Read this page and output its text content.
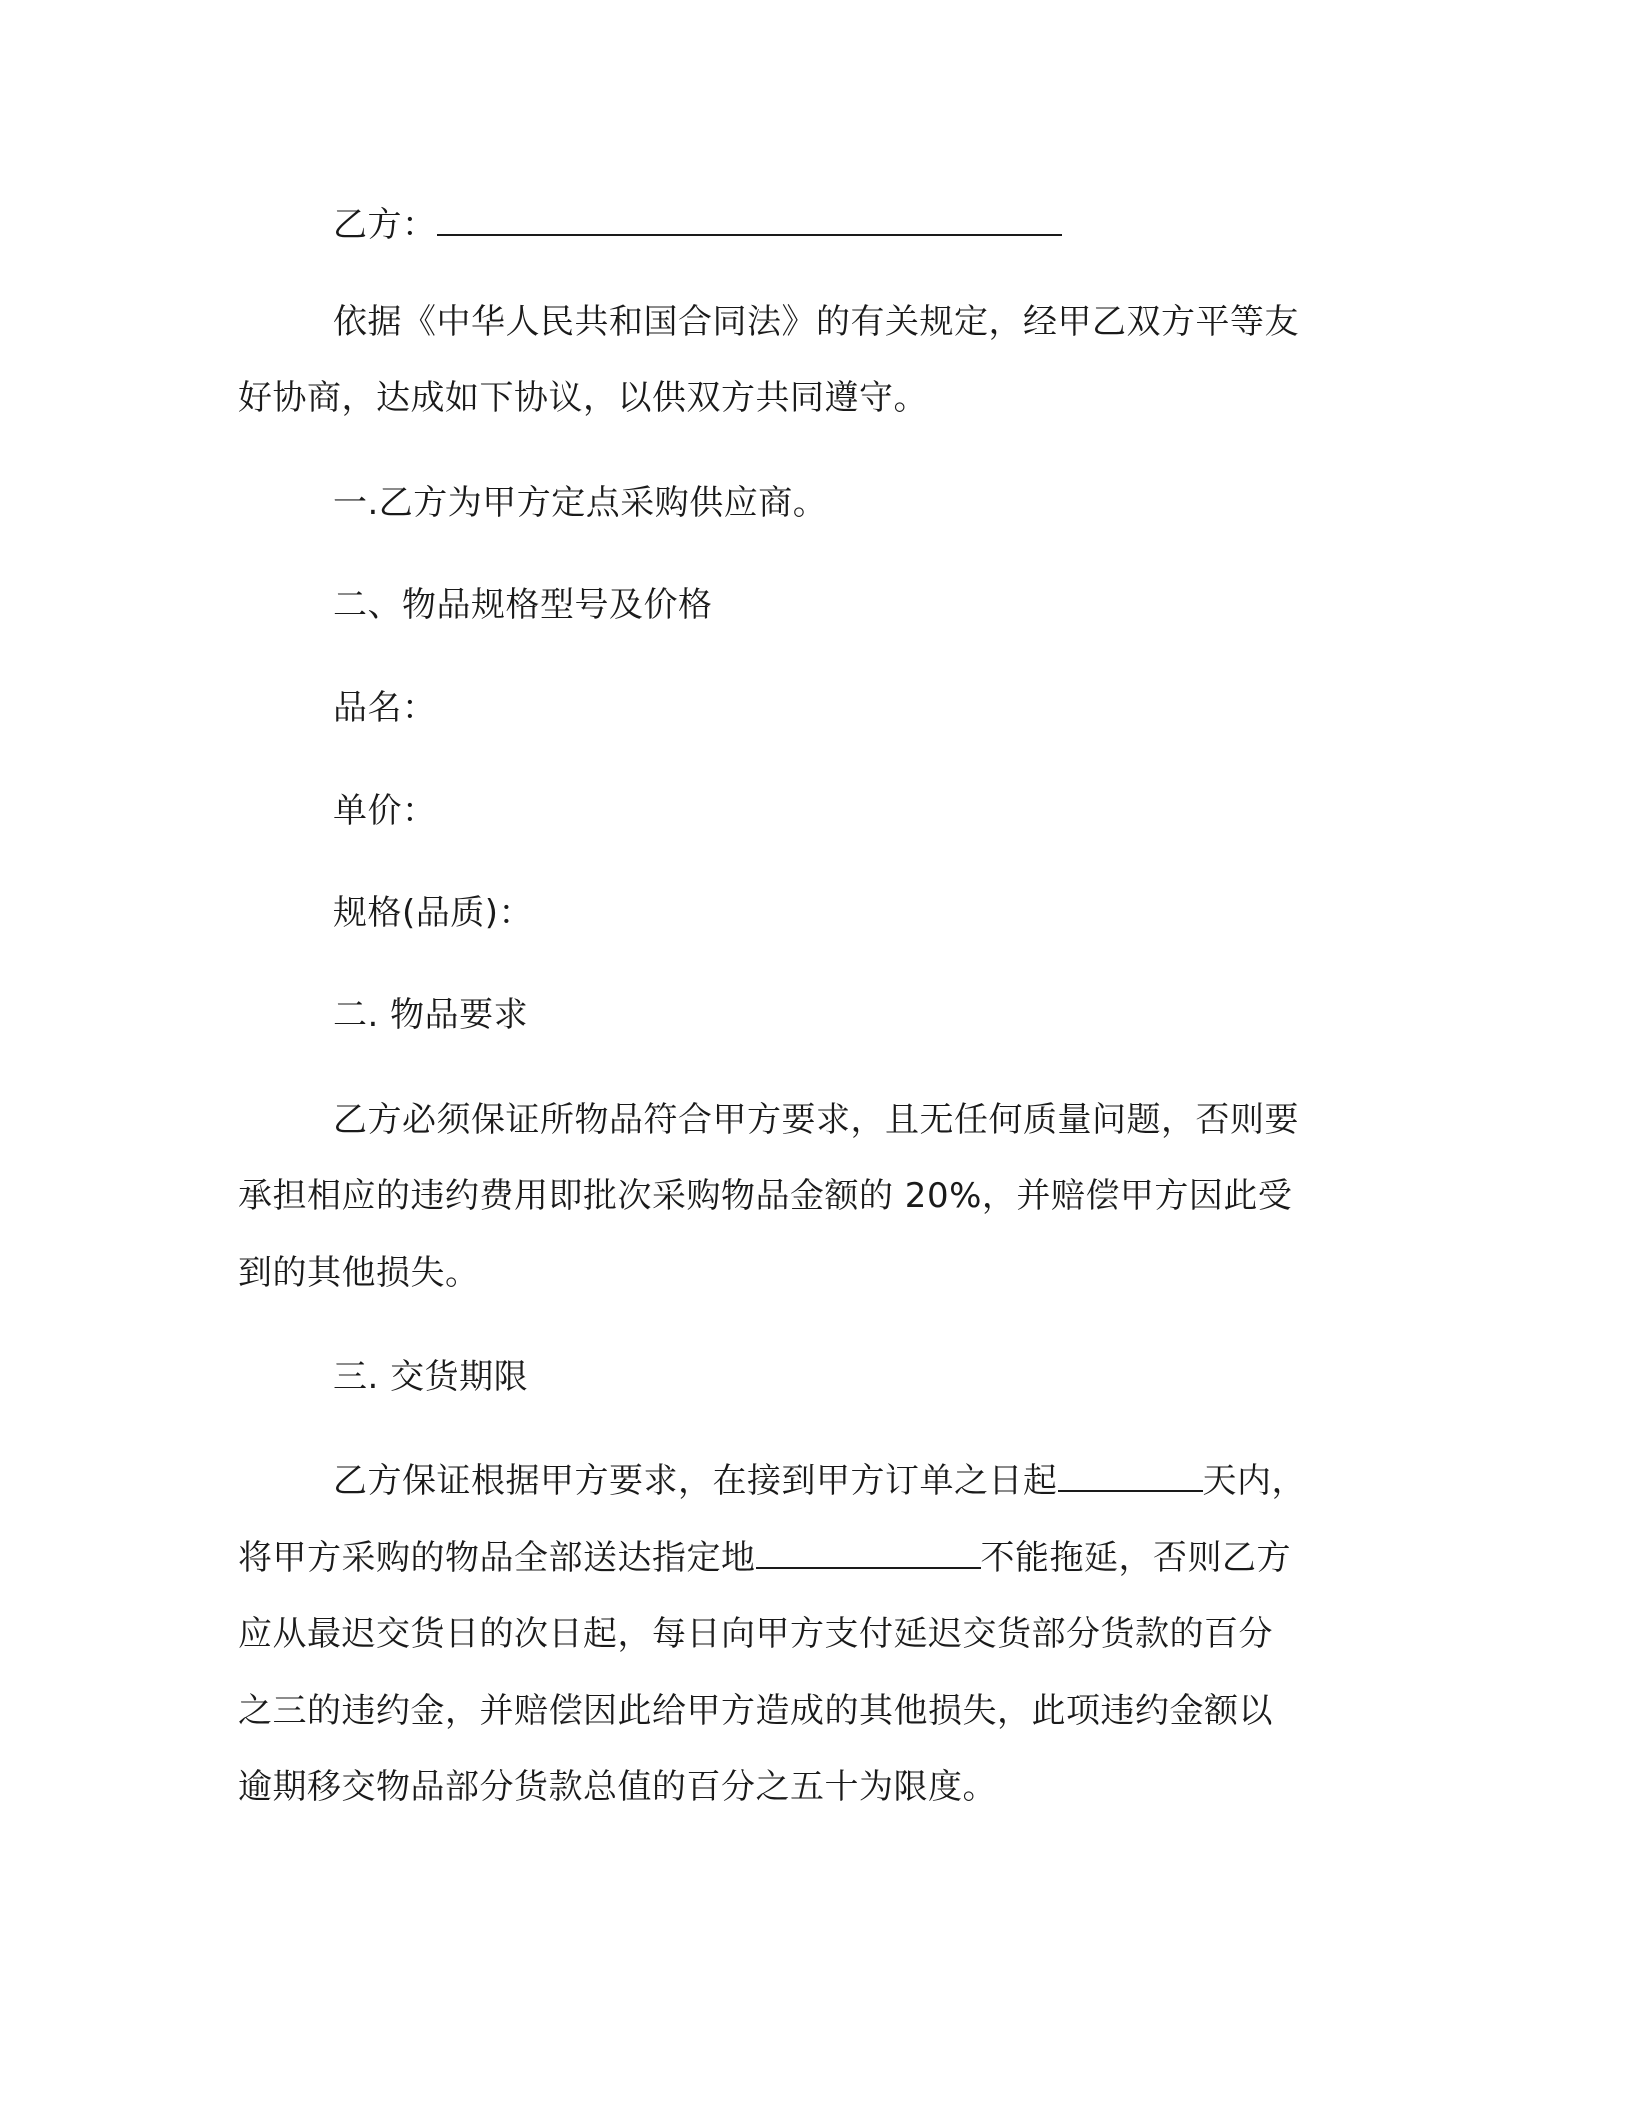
乙方：
依据《中华人民共和国合同法》的有关规定，经甲乙双方平等友
好协商，达成如下协议，以供双方共同遵守。
一.乙方为甲方定点采购供应商。
二、物品规格型号及价格
品名：
单价：
规格(品质)：
二. 物品要求
乙方必须保证所物品符合甲方要求，且无任何质量问题，否则要
承担相应的违约费用即批次采购物品金额的 20%，并赔偿甲方因此受
到的其他损失。
三. 交货期限
乙方保证根据甲方要求，在接到甲方订单之日起	天内，
将甲方采购的物品全部送达指定地	不能拖延，否则乙方
应从最迟交货日的次日起，每日向甲方支付延迟交货部分货款的百分
之三的违约金，并赔偿因此给甲方造成的其他损失，此项违约金额以
逾期移交物品部分货款总值的百分之五十为限度。
